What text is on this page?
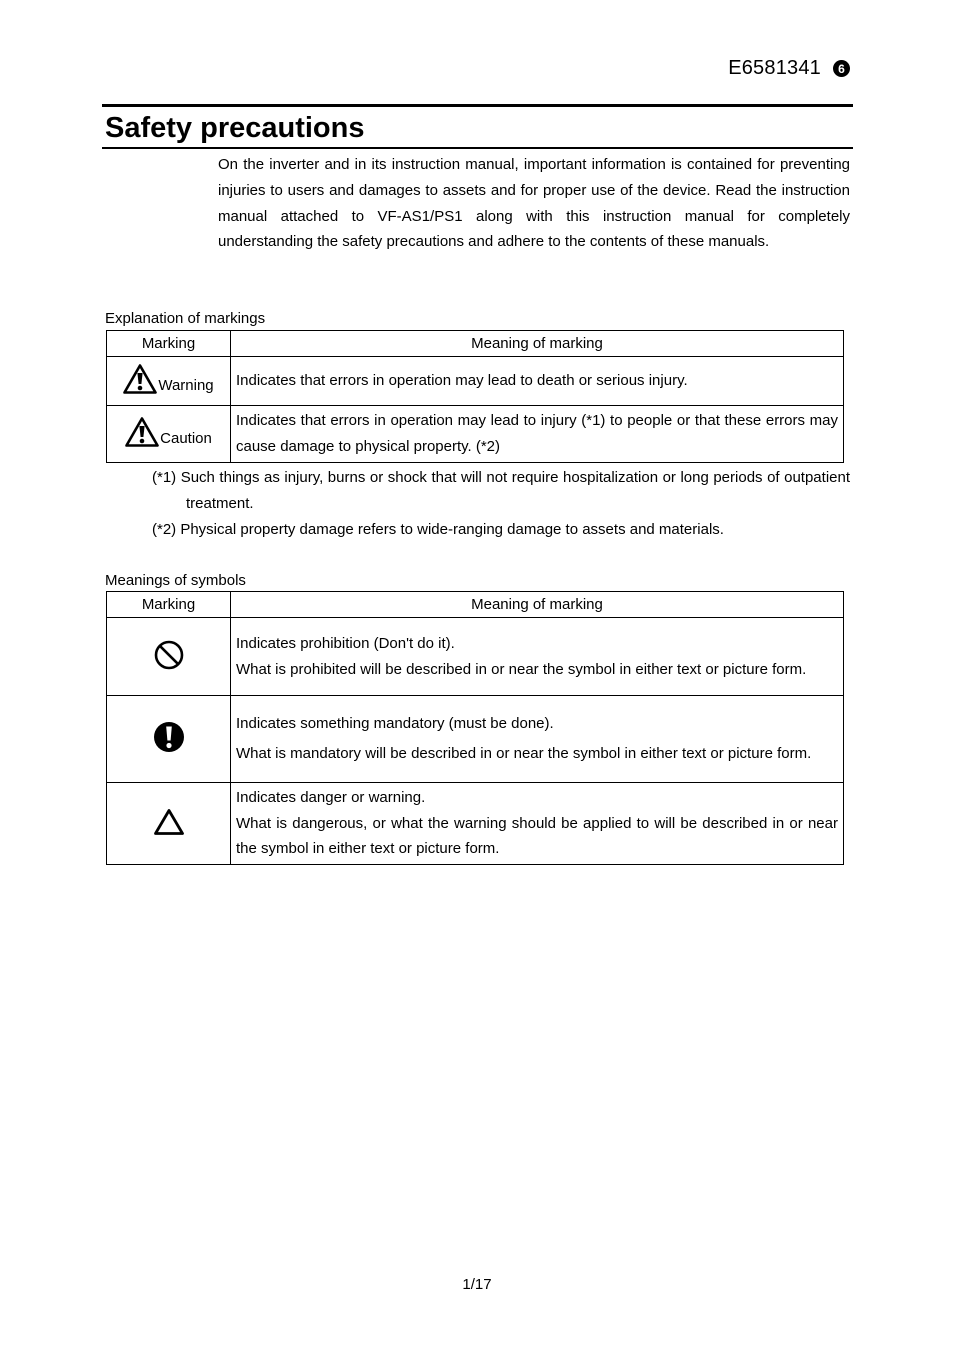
E6581341	6
Safety precautions

On the inverter and in its instruction manual, important information is contained for preventing injuries to users and damages to assets and for proper use of the device. Read the instruction manual attached to VF-AS1/PS1 along with this instruction manual for completely understanding the safety precautions and adhere to the contents of these manuals.

Explanation of markings

Marking	Meaning of marking

Warning	Indicates that errors in operation may lead to death or serious injury.

Caution	Indicates that errors in operation may lead to injury (*1) to people or that these errors may cause damage to physical property. (*2)

(*1) Such things as injury, burns or shock that will not require hospitalization or long periods of outpatient treatment.

(*2) Physical property damage refers to wide-ranging damage to assets and materials.

Meanings of symbols

Marking	Meaning of marking

Indicates prohibition (Don't do it).
What is prohibited will be described in or near the symbol in either text or picture form.

Indicates something mandatory (must be done).
What is mandatory will be described in or near the symbol in either text or picture form.

Indicates danger or warning.
What is dangerous, or what the warning should be applied to will be described in or near the symbol in either text or picture form.
1/17
